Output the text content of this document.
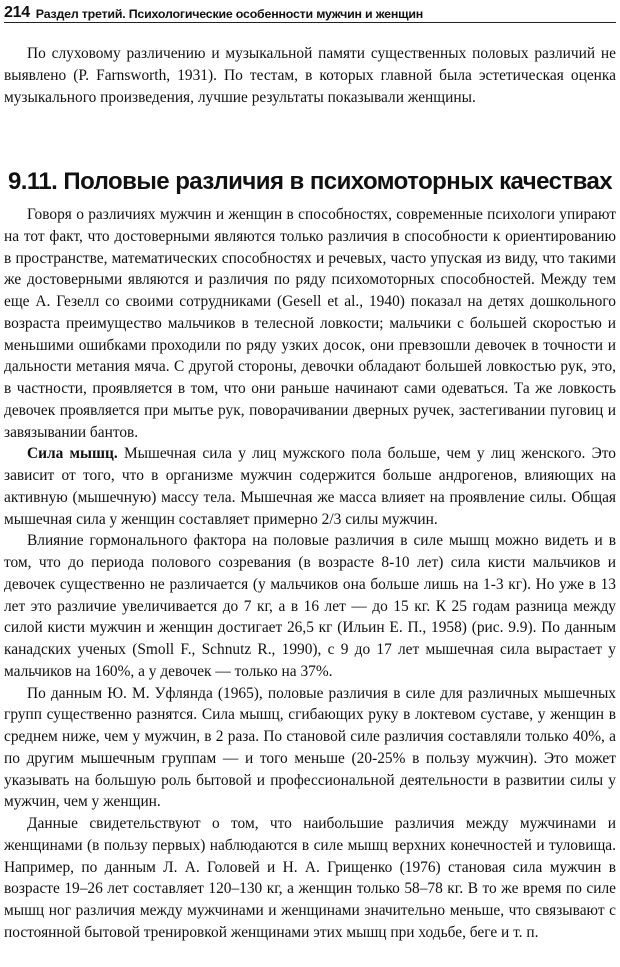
214 Раздел третий. Психологические особенности мужчин и женщин

По слуховому различению и музыкальной памяти существенных половых различий не выявлено (P. Farnsworth, 1931). По тестам, в которых главной была эстетическая оценка музыкального произведения, лучшие результаты показывали женщины.

9.11. Половые различия в психомоторных качествах

Говоря о различиях мужчин и женщин в способностях, современные психологи упирают на тот факт, что достоверными являются только различия в способности к ориентированию в пространстве, математических способностях и речевых, часто упуская из виду, что такими же достоверными являются и различия по ряду психомоторных способностей. Между тем еще А. Гезелл со своими сотрудниками (Gesell et al., 1940) показал на детях дошкольного возраста преимущество мальчиков в телесной ловкости; мальчики с большей скоростью и меньшими ошибками проходили по ряду узких досок, они превзошли девочек в точности и дальности метания мяча. С другой стороны, девочки обладают большей ловкостью рук, это, в частности, проявляется в том, что они раньше начинают сами одеваться. Та же ловкость девочек проявляется при мытье рук, поворачивании дверных ручек, застегивании пуговиц и завязывании бантов.

Сила мышц. Мышечная сила у лиц мужского пола больше, чем у лиц женского. Это зависит от того, что в организме мужчин содержится больше андрогенов, влияющих на активную (мышечную) массу тела. Мышечная же масса влияет на проявление силы. Общая мышечная сила у женщин составляет примерно 2/3 силы мужчин.

Влияние гормонального фактора на половые различия в силе мышц можно видеть и в том, что до периода полового созревания (в возрасте 8-10 лет) сила кисти мальчиков и девочек существенно не различается (у мальчиков она больше лишь на 1-3 кг). Но уже в 13 лет это различие увеличивается до 7 кг, а в 16 лет — до 15 кг. К 25 годам разница между силой кисти мужчин и женщин достигает 26,5 кг (Ильин Е. П., 1958) (рис. 9.9). По данным канадских ученых (Smoll F., Schnutz R., 1990), с 9 до 17 лет мышечная сила вырастает у мальчиков на 160%, а у девочек — только на 37%.

По данным Ю. М. Уфлянда (1965), половые различия в силе для различных мышечных групп существенно разнятся. Сила мышц, сгибающих руку в локтевом суставе, у женщин в среднем ниже, чем у мужчин, в 2 раза. По становой силе различия составляли только 40%, а по другим мышечным группам — и того меньше (20-25% в пользу мужчин). Это может указывать на большую роль бытовой и профессиональной деятельности в развитии силы у мужчин, чем у женщин.

Данные свидетельствуют о том, что наибольшие различия между мужчинами и женщинами (в пользу первых) наблюдаются в силе мышц верхних конечностей и туловища. Например, по данным Л. А. Головей и Н. А. Грищенко (1976) становая сила мужчин в возрасте 19–26 лет составляет 120–130 кг, а женщин только 58–78 кг. В то же время по силе мышц ног различия между мужчинами и женщинами значительно меньше, что связывают с постоянной бытовой тренировкой женщинами этих мышц при ходьбе, беге и т. п.
